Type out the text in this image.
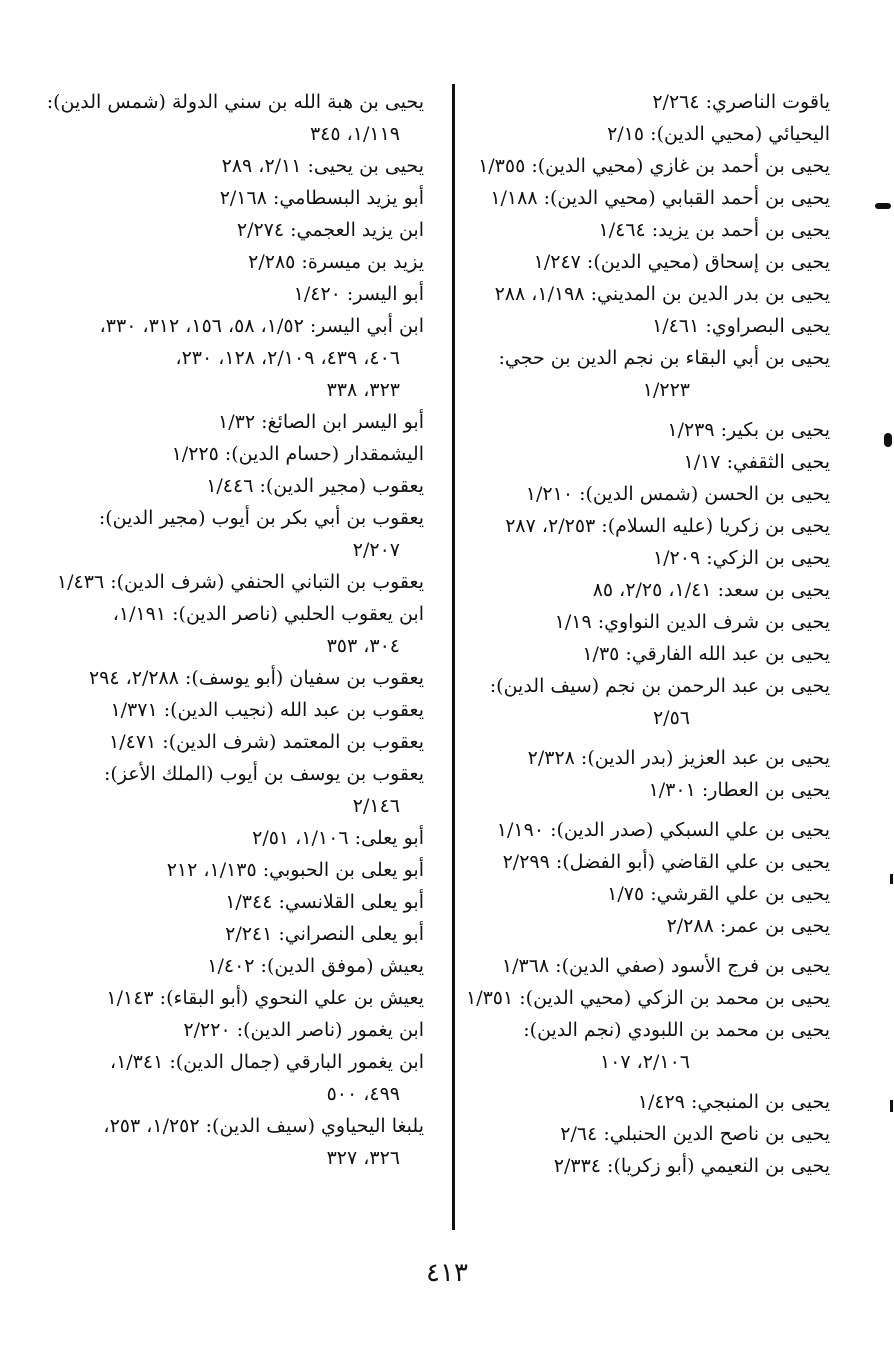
ياقوت الناصري: ٢/٢٦٤
اليحيائي (محيي الدين): ٢/١٥
يحيى بن أحمد بن غازي (محيي الدين): ١/٣٥٥
يحيى بن أحمد القبابي (محيي الدين): ١/١٨٨
يحيى بن أحمد بن يزيد: ١/٤٦٤
يحيى بن إسحاق (محيي الدين): ١/٢٤٧
يحيى بن بدر الدين بن المديني: ١/١٩٨، ٢٨٨
يحيى البصراوي: ١/٤٦١
يحيى بن أبي البقاء بن نجم الدين بن حجي:
١/٢٢٣
يحيى بن بكير: ١/٢٣٩
يحيى الثقفي: ١/١٧
يحيى بن الحسن (شمس الدين): ١/٢١٠
يحيى بن زكريا (عليه السلام): ٢/٢٥٣، ٢٨٧
يحيى بن الزكي: ١/٢٠٩
يحيى بن سعد: ١/٤١، ٢/٢٥، ٨٥
يحيى بن شرف الدين النواوي: ١/١٩
يحيى بن عبد الله الفارقي: ١/٣٥
يحيى بن عبد الرحمن بن نجم (سيف الدين):
٢/٥٦
يحيى بن عبد العزيز (بدر الدين): ٢/٣٢٨
يحيى بن العطار: ١/٣٠١
يحيى بن علي السبكي (صدر الدين): ١/١٩٠
يحيى بن علي القاضي (أبو الفضل): ٢/٢٩٩
يحيى بن علي القرشي: ١/٧٥
يحيى بن عمر: ٢/٢٨٨
يحيى بن فرج الأسود (صفي الدين): ١/٣٦٨
يحيى بن محمد بن الزكي (محيي الدين): ١/٣٥١
يحيى بن محمد بن اللبودي (نجم الدين):
٢/١٠٦، ١٠٧
يحيى بن المنبجي: ١/٤٢٩
يحيى بن ناصح الدين الحنبلي: ٢/٦٤
يحيى بن النعيمي (أبو زكريا): ٢/٣٣٤
يحيى بن هبة الله بن سني الدولة (شمس الدين):
١/١١٩، ٣٤٥
يحيى بن يحيى: ٢/١١، ٢٨٩
أبو يزيد البسطامي: ٢/١٦٨
ابن يزيد العجمي: ٢/٢٧٤
يزيد بن ميسرة: ٢/٢٨٥
أبو اليسر: ١/٤٢٠
ابن أبي اليسر: ١/٥٢، ٥٨، ١٥٦، ٣١٢، ٣٣٠،
٤٠٦، ٤٣٩، ٢/١٠٩، ١٢٨، ٢٣٠،
٣٢٣، ٣٣٨
أبو اليسر ابن الصائغ: ١/٣٢
اليشمقدار (حسام الدين): ١/٢٢٥
يعقوب (مجير الدين): ١/٤٤٦
يعقوب بن أبي بكر بن أيوب (مجير الدين):
٢/٢٠٧
يعقوب بن التباني الحنفي (شرف الدين): ١/٤٣٦
ابن يعقوب الحلبي (ناصر الدين): ١/١٩١،
٣٠٤، ٣٥٣
يعقوب بن سفيان (أبو يوسف): ٢/٢٨٨، ٢٩٤
يعقوب بن عبد الله (نجيب الدين): ١/٣٧١
يعقوب بن المعتمد (شرف الدين): ١/٤٧١
يعقوب بن يوسف بن أيوب (الملك الأعز):
٢/١٤٦
أبو يعلى: ١/١٠٦، ٢/٥١
أبو يعلى بن الحبوبي: ١/١٣٥، ٢١٢
أبو يعلى القلانسي: ١/٣٤٤
أبو يعلى النصراني: ٢/٢٤١
يعيش (موفق الدين): ١/٤٠٢
يعيش بن علي النحوي (أبو البقاء): ١/١٤٣
ابن يغمور (ناصر الدين): ٢/٢٢٠
ابن يغمور البارقي (جمال الدين): ١/٣٤١،
٤٩٩، ٥٠٠
يلبغا اليحياوي (سيف الدين): ١/٢٥٢، ٢٥٣،
٣٢٦، ٣٢٧
٤١٣
